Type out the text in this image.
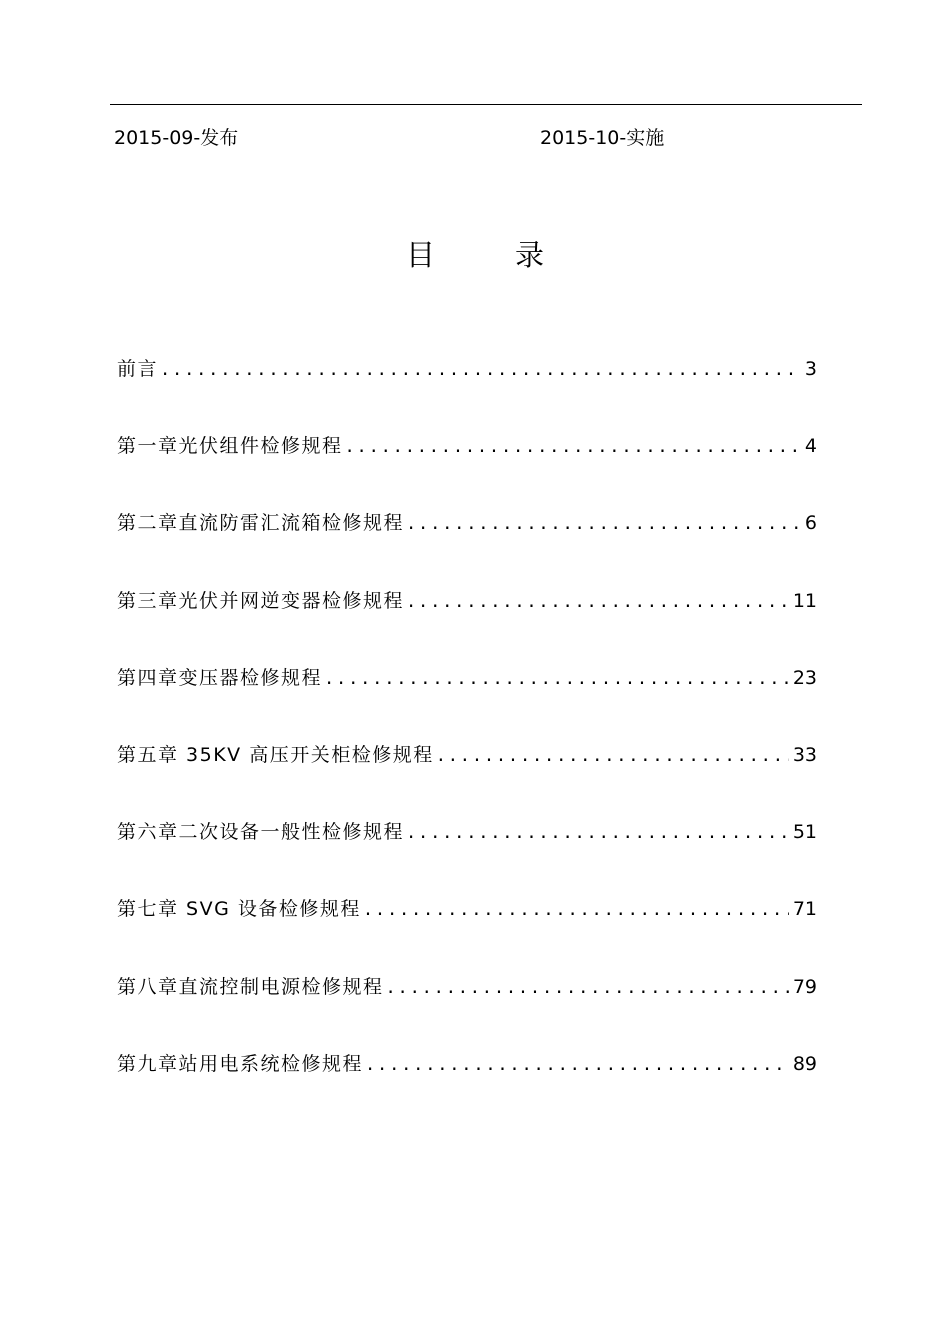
2015-09-发布	2015-10-实施
目	录
前言 .....	3
第一章光伏组件检修规程 .....	4
第二章直流防雷汇流箱检修规程 .....	6
第三章光伏并网逆变器检修规程 .....	11
第四章变压器检修规程 .....	23
第五章 35KV 高压开关柜检修规程 .....	33
第六章二次设备一般性检修规程 .....	51
第七章 SVG 设备检修规程 .....	71
第八章直流控制电源检修规程 .....	79
第九章站用电系统检修规程 .....	89
